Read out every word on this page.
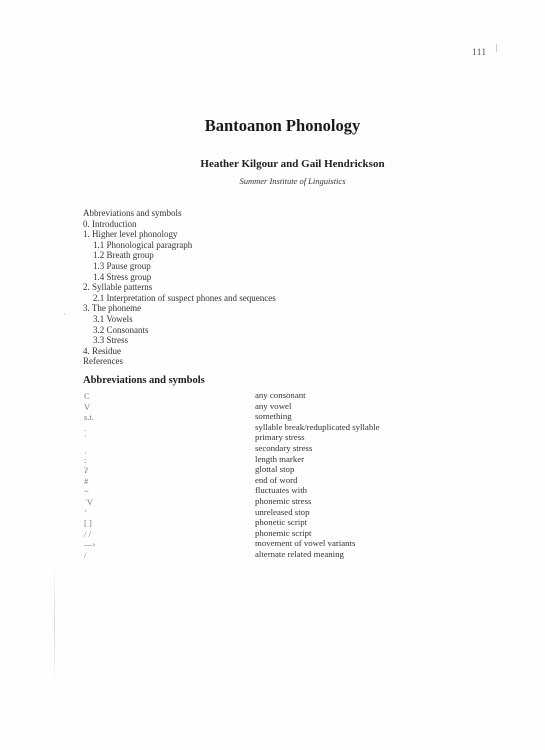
111
Bantoanon Phonology
Heather Kilgour and Gail Hendrickson
Summer Institute of Linguistics
Abbreviations and symbols
0. Introduction
1. Higher level phonology
1.1 Phonological paragraph
1.2 Breath group
1.3 Pause group
1.4 Stress group
2. Syllable patterns
2.1 Interpretation of suspect phones and sequences
3. The phoneme
3.1 Vowels
3.2 Consonants
3.3 Stress
4. Residue
References
·
Abbreviations and symbols
C
V
s.t.
.
ˈ
ˌ
:
ʔ
#
~
ˈV
˺
[ ]
/ /
—›
/
any consonant
any vowel
something
syllable break/reduplicated syllable
primary stress
secondary stress
length marker
glottal stop
end of word
fluctuates with
phonemic stress
unreleased stop
phonetic script
phonemic script
movement of vowel variants
alternate related meaning
